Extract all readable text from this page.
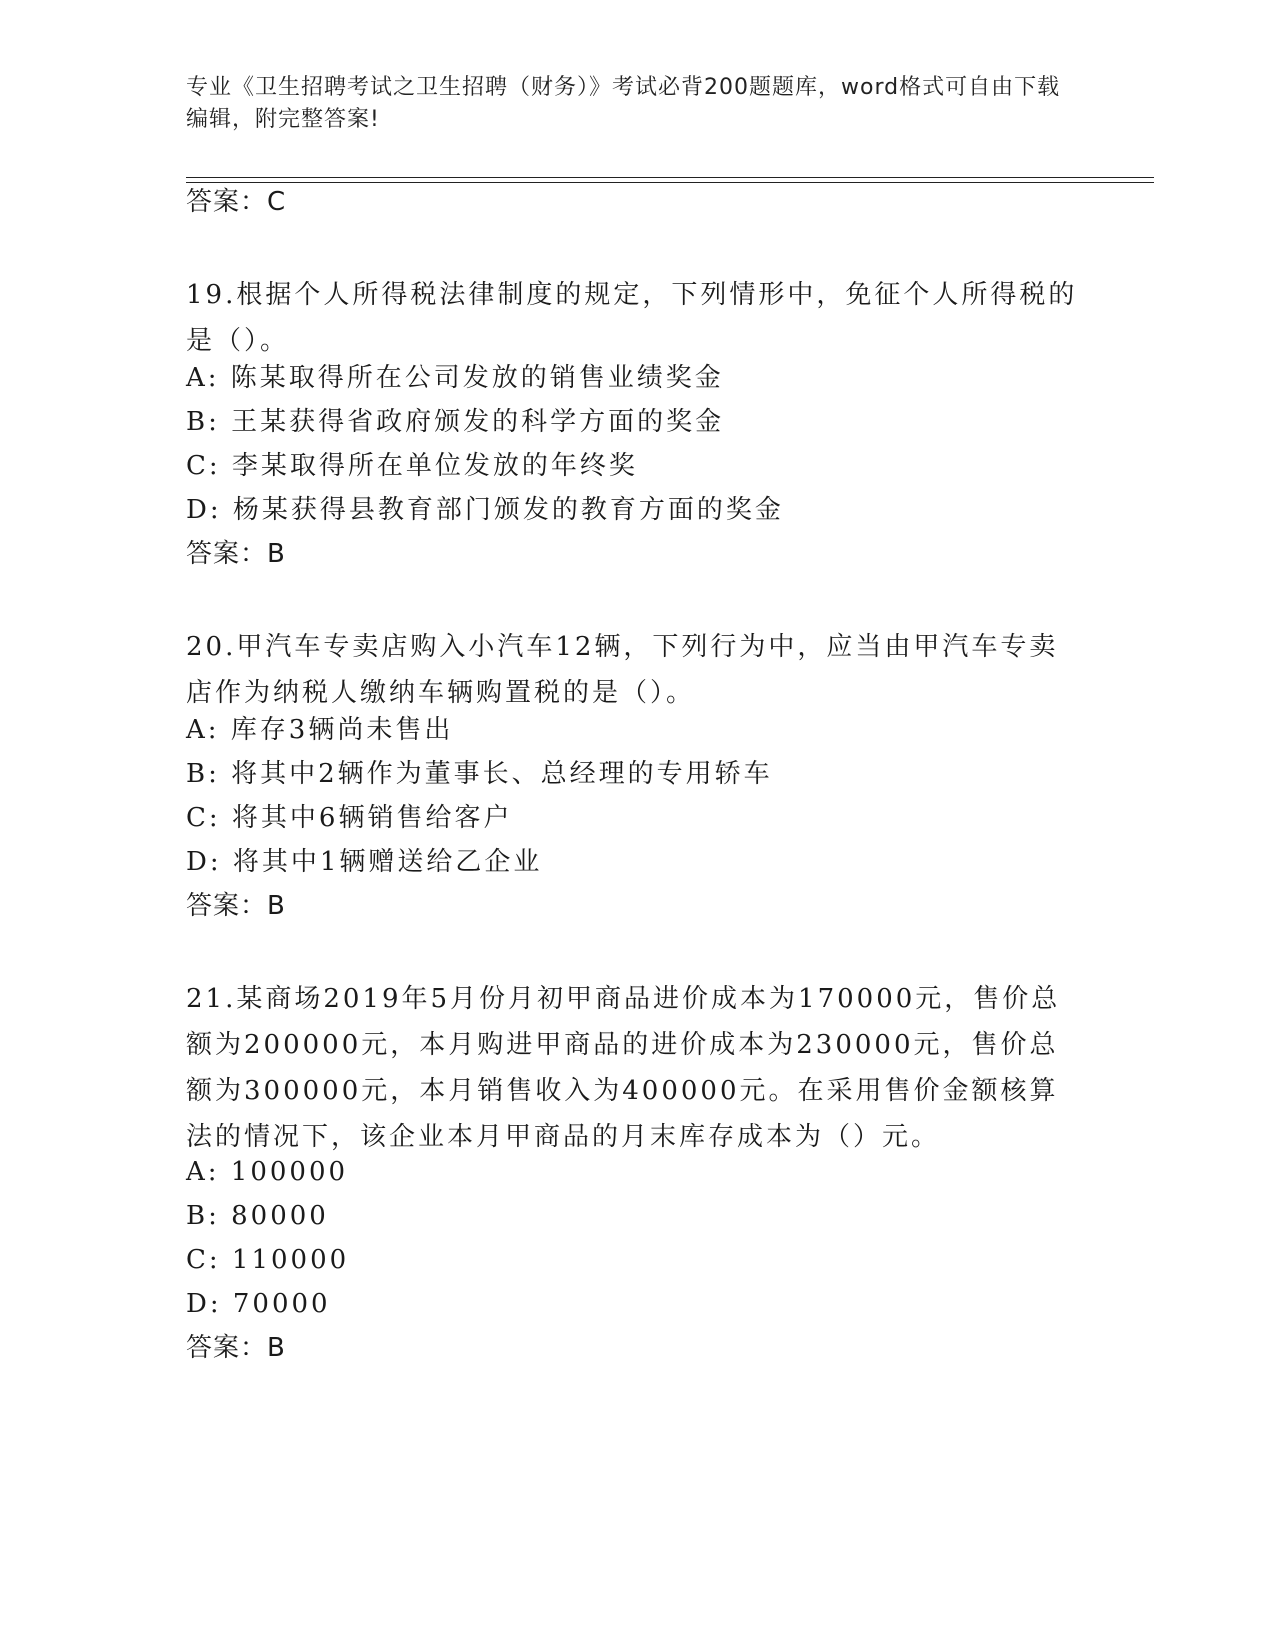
专业《卫生招聘考试之卫生招聘（财务）》考试必背200题题库，word格式可自由下载编辑，附完整答案!
答案：C
19.根据个人所得税法律制度的规定，下列情形中，免征个人所得税的是（）。
A: 陈某取得所在公司发放的销售业绩奖金
B: 王某获得省政府颁发的科学方面的奖金
C: 李某取得所在单位发放的年终奖
D: 杨某获得县教育部门颁发的教育方面的奖金
答案：B
20.甲汽车专卖店购入小汽车12辆，下列行为中，应当由甲汽车专卖店作为纳税人缴纳车辆购置税的是（）。
A: 库存3辆尚未售出
B: 将其中2辆作为董事长、总经理的专用轿车
C: 将其中6辆销售给客户
D: 将其中1辆赠送给乙企业
答案：B
21.某商场2019年5月份月初甲商品进价成本为170000元，售价总额为200000元，本月购进甲商品的进价成本为230000元，售价总额为300000元，本月销售收入为400000元。在采用售价金额核算法的情况下，该企业本月甲商品的月末库存成本为（）元。
A: 100000
B: 80000
C: 110000
D: 70000
答案：B
